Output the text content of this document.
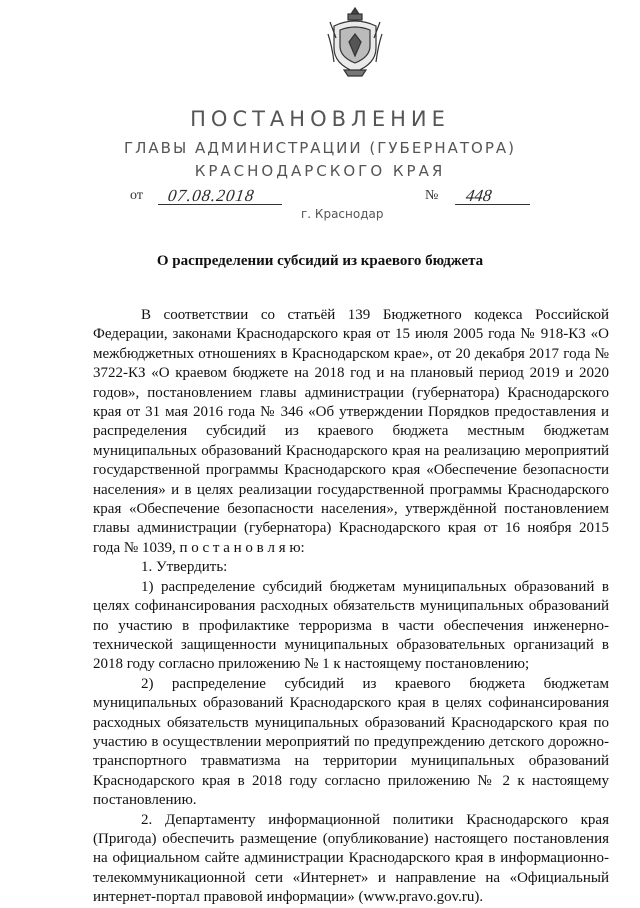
ПОСТАНОВЛЕНИЕ
ГЛАВЫ АДМИНИСТРАЦИИ (ГУБЕРНАТОРА)
КРАСНОДАРСКОГО КРАЯ
от 07.08.2018	№ 448
г. Краснодар
О распределении субсидий из краевого бюджета

В соответствии со статьёй 139 Бюджетного кодекса Российской Федерации, законами Краснодарского края от 15 июля 2005 года № 918-КЗ «О межбюджетных отношениях в Краснодарском крае», от 20 декабря 2017 года № 3722-КЗ «О краевом бюджете на 2018 год и на плановый период 2019 и 2020 годов», постановлением главы администрации (губернатора) Краснодарского края от 31 мая 2016 года № 346 «Об утверждении Порядков предоставления и распределения субсидий из краевого бюджета местным бюджетам муниципальных образований Краснодарского края на реализацию мероприятий государственной программы Краснодарского края «Обеспечение безопасности населения» и в целях реализации государственной программы Краснодарского края «Обеспечение безопасности населения», утверждённой постановлением главы администрации (губернатора) Краснодарского края от 16 ноября 2015 года № 1039, п о с т а н о в л я ю:

1. Утвердить:

1) распределение субсидий бюджетам муниципальных образований в целях софинансирования расходных обязательств муниципальных образований по участию в профилактике терроризма в части обеспечения инженерно-технической защищенности муниципальных образовательных организаций в 2018 году согласно приложению № 1 к настоящему постановлению;

2) распределение субсидий из краевого бюджета бюджетам муниципальных образований Краснодарского края в целях софинансирования расходных обязательств муниципальных образований Краснодарского края по участию в осуществлении мероприятий по предупреждению детского дорожно-транспортного травматизма на территории муниципальных образований Краснодарского края в 2018 году согласно приложению № 2 к настоящему постановлению.

2. Департаменту информационной политики Краснодарского края (Пригода) обеспечить размещение (опубликование) настоящего постановления на официальном сайте администрации Краснодарского края в информационно-телекоммуникационной сети «Интернет» и направление на «Официальный интернет-портал правовой информации» (www.pravo.gov.ru).
